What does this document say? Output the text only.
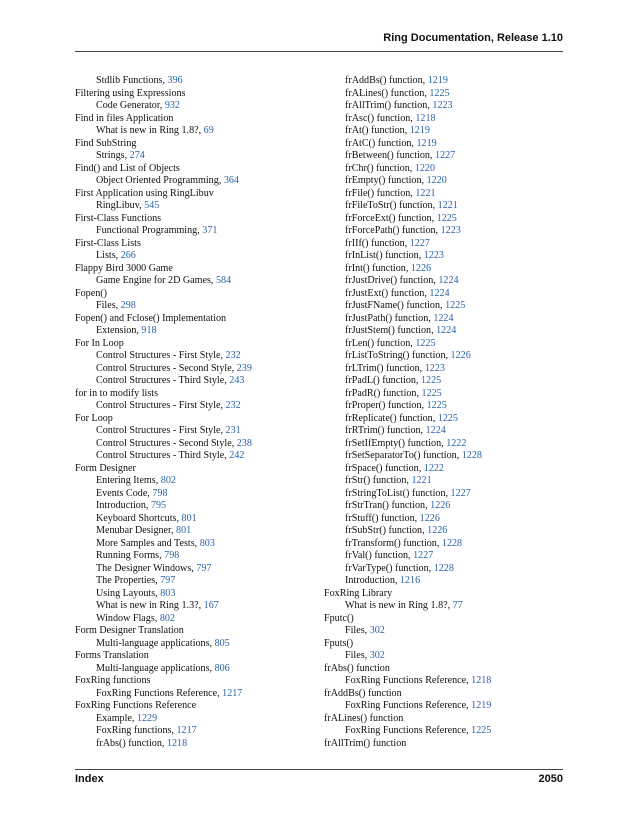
Ring Documentation, Release 1.10
Stdlib Functions, 396
Filtering using Expressions
Code Generator, 932
Find in files Application
What is new in Ring 1.8?, 69
Find SubString
Strings, 274
Find() and List of Objects
Object Oriented Programming, 364
First Application using RingLibuv
RingLibuv, 545
First-Class Functions
Functional Programming, 371
First-Class Lists
Lists, 266
Flappy Bird 3000 Game
Game Engine for 2D Games, 584
Fopen()
Files, 298
Fopen() and Fclose() Implementation
Extension, 918
For In Loop
Control Structures - First Style, 232
Control Structures - Second Style, 239
Control Structures - Third Style, 243
for in to modify lists
Control Structures - First Style, 232
For Loop
Control Structures - First Style, 231
Control Structures - Second Style, 238
Control Structures - Third Style, 242
Form Designer
Entering Items, 802
Events Code, 798
Introduction, 795
Keyboard Shortcuts, 801
Menubar Designer, 801
More Samples and Tests, 803
Running Forms, 798
The Designer Windows, 797
The Properties, 797
Using Layouts, 803
What is new in Ring 1.3?, 167
Window Flags, 802
Form Designer Translation
Multi-language applications, 805
Forms Translation
Multi-language applications, 806
FoxRing functions
FoxRing Functions Reference, 1217
FoxRing Functions Reference
Example, 1229
FoxRing functions, 1217
frAbs() function, 1218
frAddBs() function, 1219
frALines() function, 1225
frAllTrim() function, 1223
frAsc() function, 1218
frAt() function, 1219
frAtC() function, 1219
frBetween() function, 1227
frChr() function, 1220
frEmpty() function, 1220
frFile() function, 1221
frFileToStr() function, 1221
frForceExt() function, 1225
frForcePath() function, 1223
frIIf() function, 1227
frInList() function, 1223
frInt() function, 1226
frJustDrive() function, 1224
frJustExt() function, 1224
frJustFName() function, 1225
frJustPath() function, 1224
frJustStem() function, 1224
frLen() function, 1225
frListToString() function, 1226
frLTrim() function, 1223
frPadL() function, 1225
frPadR() function, 1225
frProper() function, 1225
frReplicate() function, 1225
frRTrim() function, 1224
frSetIfEmpty() function, 1222
frSetSeparatorTo() function, 1228
frSpace() function, 1222
frStr() function, 1221
frStringToList() function, 1227
frStrTran() function, 1226
frStuff() function, 1226
frSubStr() function, 1226
frTransform() function, 1228
frVal() function, 1227
frVarType() function, 1228
Introduction, 1216
FoxRing Library
What is new in Ring 1.8?, 77
Fputc()
Files, 302
Fputs()
Files, 302
frAbs() function
FoxRing Functions Reference, 1218
frAddBs() function
FoxRing Functions Reference, 1219
frALines() function
FoxRing Functions Reference, 1225
frAllTrim() function
Index	2050
